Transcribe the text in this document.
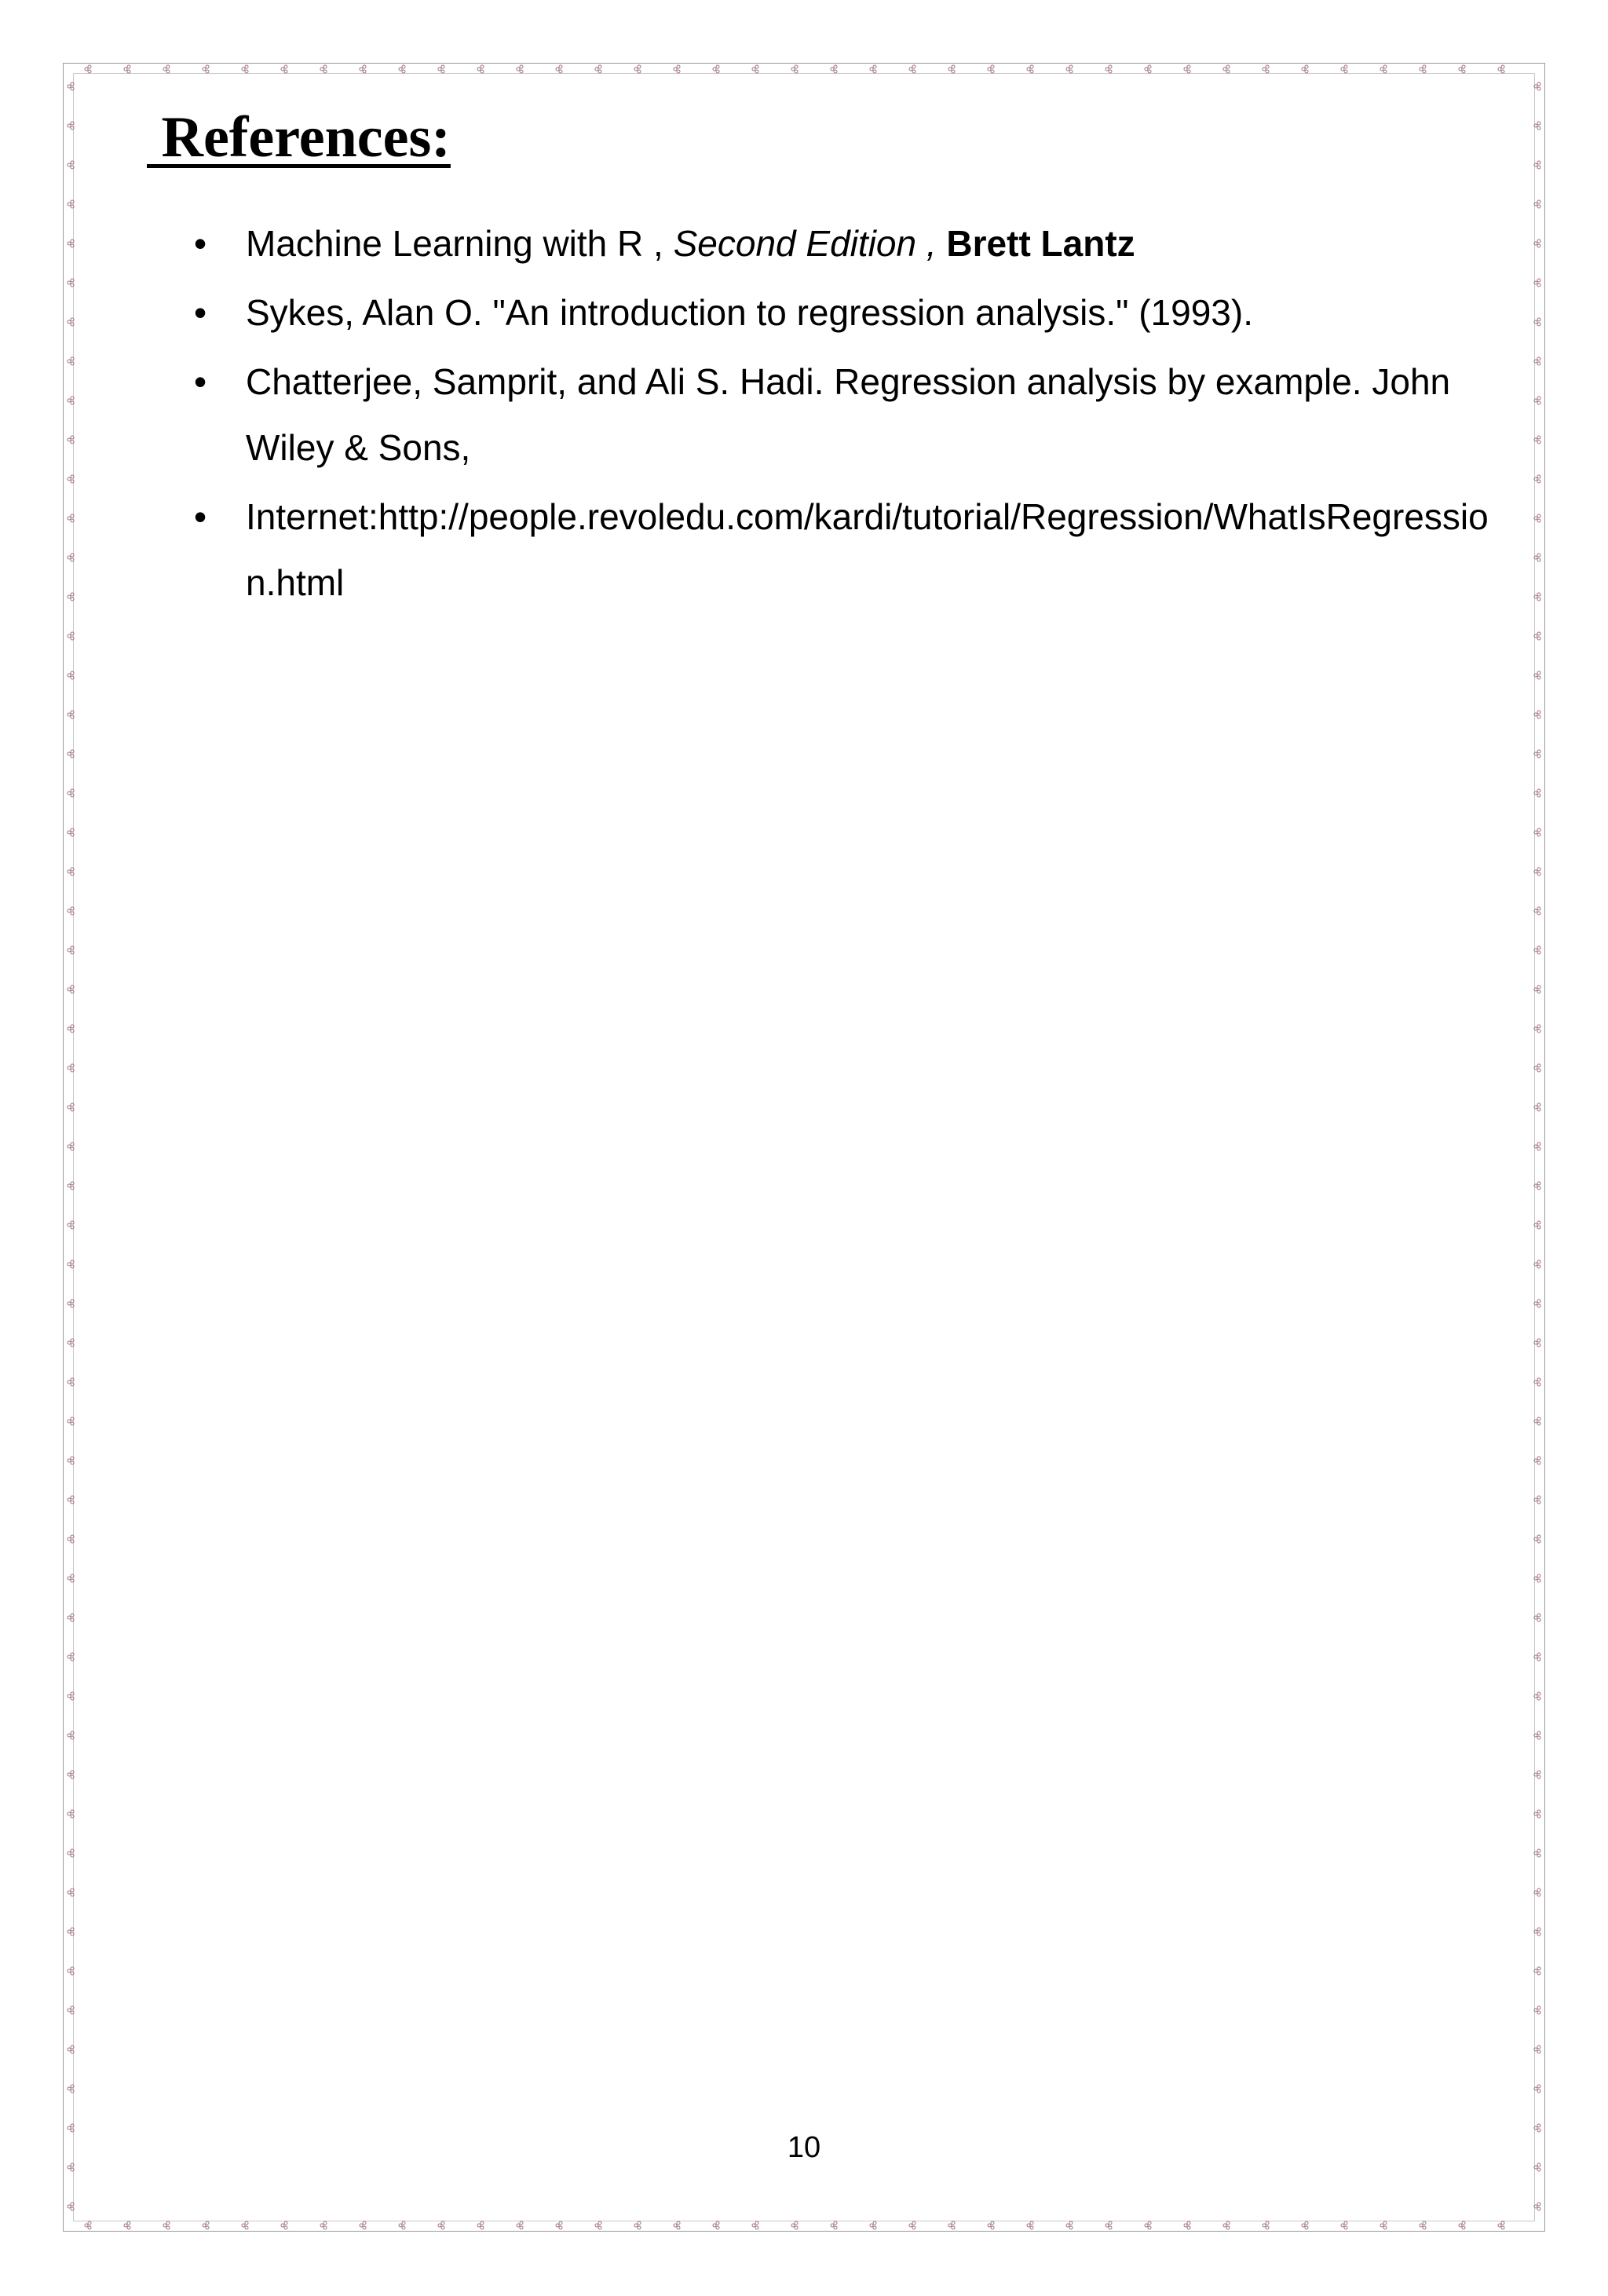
References:
• Machine Learning with R , Second Edition , Brett Lantz
• Sykes, Alan O. "An introduction to regression analysis." (1993).
• Chatterjee, Samprit, and Ali S. Hadi. Regression analysis by example. John Wiley & Sons,
• Internet:http://people.revoledu.com/kardi/tutorial/Regression/WhatIsRegression.html
10
